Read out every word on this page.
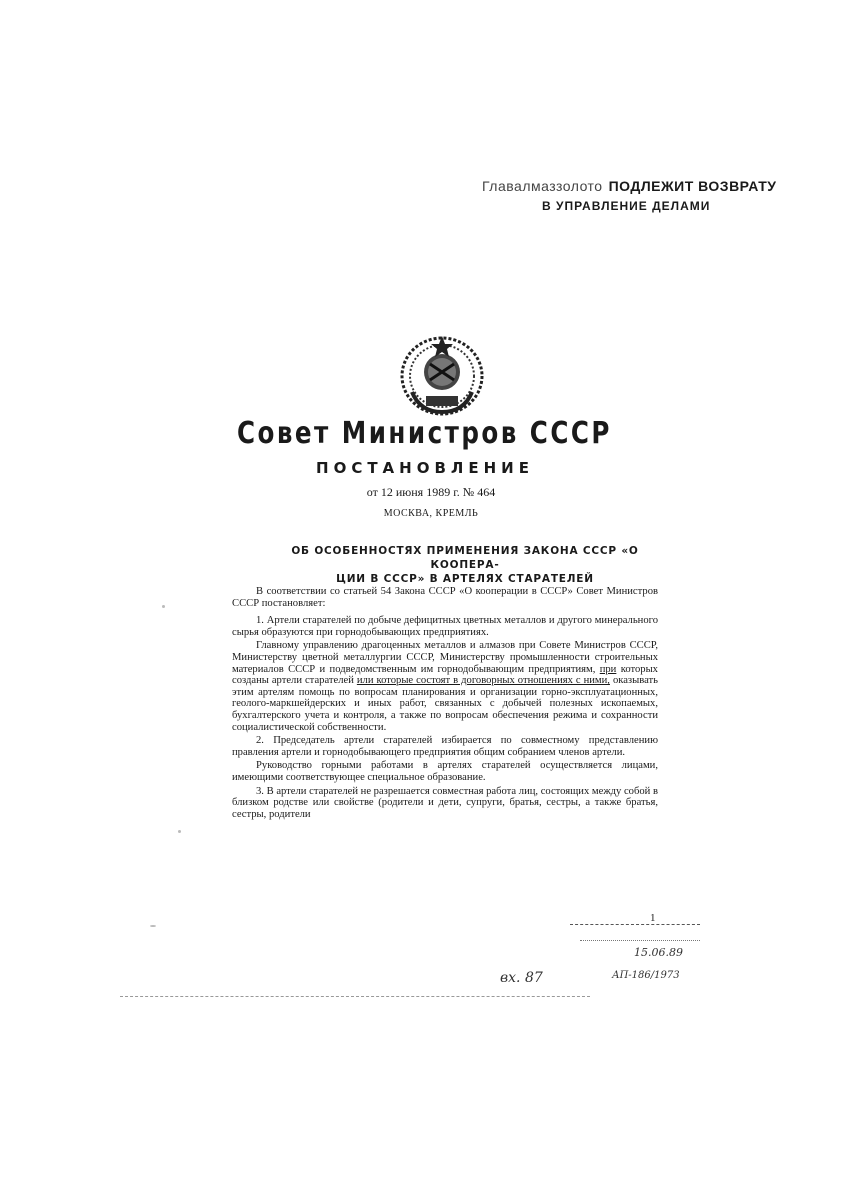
Главалмаззолото ПОДЛЕЖИТ ВОЗВРАТУ
В УПРАВЛЕНИЕ ДЕЛАМИ
Совет Министров СССР
ПОСТАНОВЛЕНИЕ
от 12 июня 1989 г. № 464
МОСКВА, КРЕМЛЬ
ОБ ОСОБЕННОСТЯХ ПРИМЕНЕНИЯ ЗАКОНА СССР «О КООПЕРА-
ЦИИ В СССР» В АРТЕЛЯХ СТАРАТЕЛЕЙ

В соответствии со статьей 54 Закона СССР «О кооперации в СССР» Совет Министров СССР постановляет:

1. Артели старателей по добыче дефицитных цветных металлов и другого минерального сырья образуются при горнодобывающих предприятиях.

Главному управлению драгоценных металлов и алмазов при Совете Министров СССР, Министерству цветной металлургии СССР, Министерству промышленности строительных материалов СССР и подведомственным им горнодобывающим предприятиям, при которых созданы артели старателей или которые состоят в договорных отношениях с ними, оказывать этим артелям помощь по вопросам планирования и организации горно-эксплуатационных, геолого-маркшейдерских и иных работ, связанных с добычей полезных ископаемых, бухгалтерского учета и контроля, а также по вопросам обеспечения режима и сохранности социалистической собственности.

2. Председатель артели старателей избирается по совместному представлению правления артели и горнодобывающего предприятия общим собранием членов артели.

Руководство горными работами в артелях старателей осуществляется лицами, имеющими соответствующее специальное образование.

3. В артели старателей не разрешается совместная работа лиц, состоящих между собой в близком родстве или свойстве (родители и дети, супруги, братья, сестры, а также братья, сестры, родители

1
15.06.89
вх. 87	АП-186/1973
